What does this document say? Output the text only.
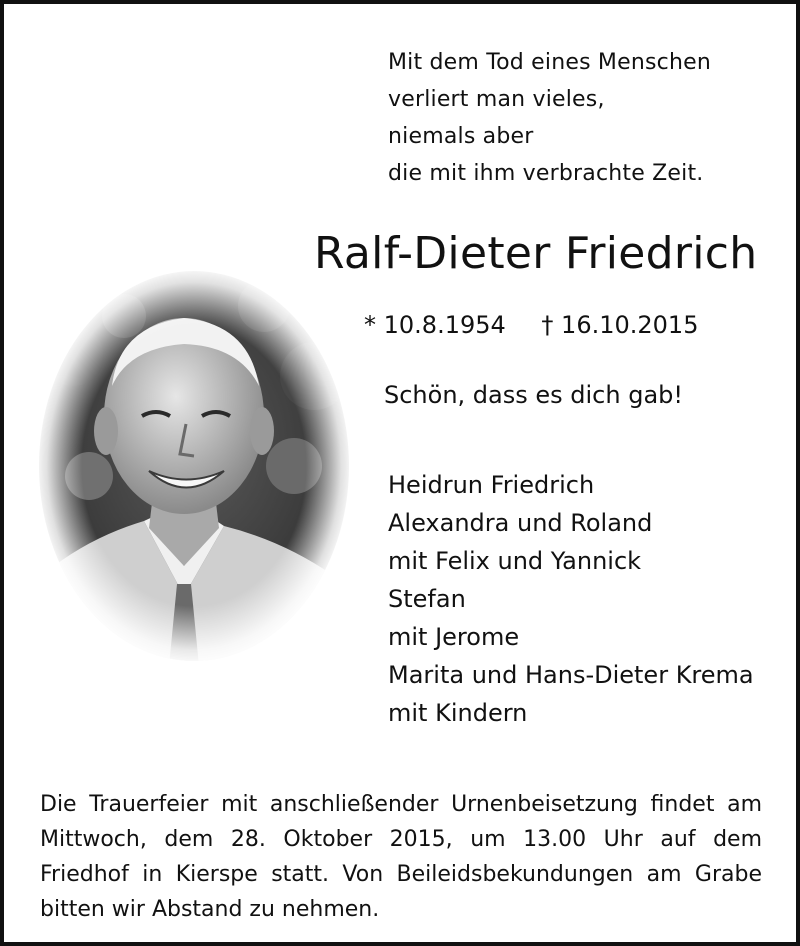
Mit dem Tod eines Menschen
verliert man vieles,
niemals aber
die mit ihm verbrachte Zeit.
Ralf-Dieter Friedrich
* 10.8.1954 † 16.10.2015
Schön, dass es dich gab!
Heidrun Friedrich
Alexandra und Roland
mit Felix und Yannick
Stefan
mit Jerome
Marita und Hans-Dieter Krema
mit Kindern
Die Trauerfeier mit anschließender Urnenbeisetzung findet am Mittwoch, dem 28. Oktober 2015, um 13.00 Uhr auf dem Friedhof in Kierspe statt. Von Beileidsbekundungen am Grabe bitten wir Abstand zu nehmen.
